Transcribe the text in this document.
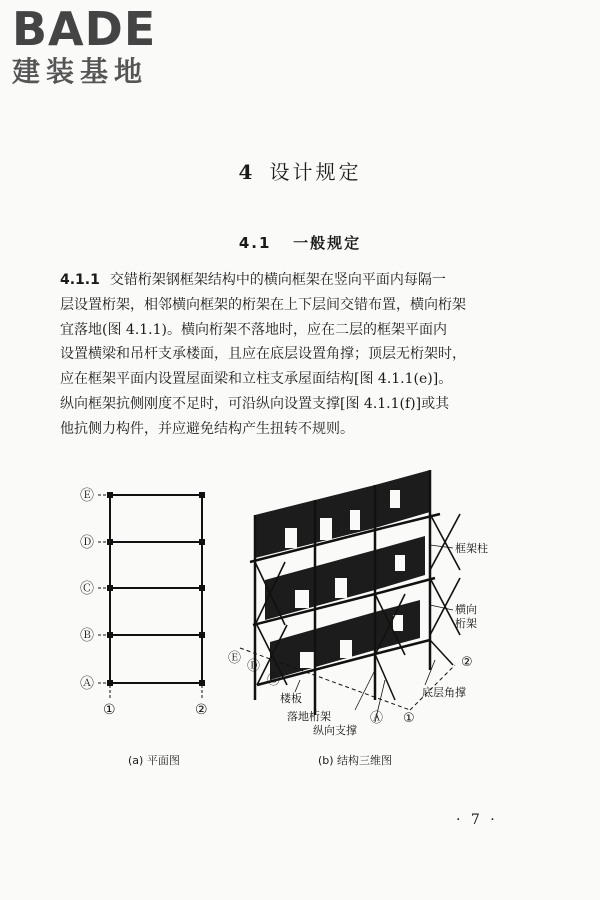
BADE
建装基地
4 设计规定
4.1 一般规定
4.1.1 交错桁架钢框架结构中的横向框架在竖向平面内每隔一
层设置桁架，相邻横向框架的桁架在上下层间交错布置，横向桁架
宜落地(图 4.1.1)。横向桁架不落地时，应在二层的框架平面内
设置横梁和吊杆支承楼面，且应在底层设置角撑；顶层无桁架时，
应在框架平面内设置屋面梁和立柱支承屋面结构[图 4.1.1(e)]。
纵向框架抗侧刚度不足时，可沿纵向设置支撑[图 4.1.1(f)]或其
他抗侧力构件，并应避免结构产生扭转不规则。
Ⓔ
Ⓓ
Ⓒ
Ⓑ
Ⓐ
①	②
框架柱
横向
桁架
楼板
落地桁架
纵向支撑
底层角撑
Ⓔ
Ⓓ
Ⓒ
Ⓐ ①
②
(a) 平面图	(b) 结构三维图
· 7 ·
